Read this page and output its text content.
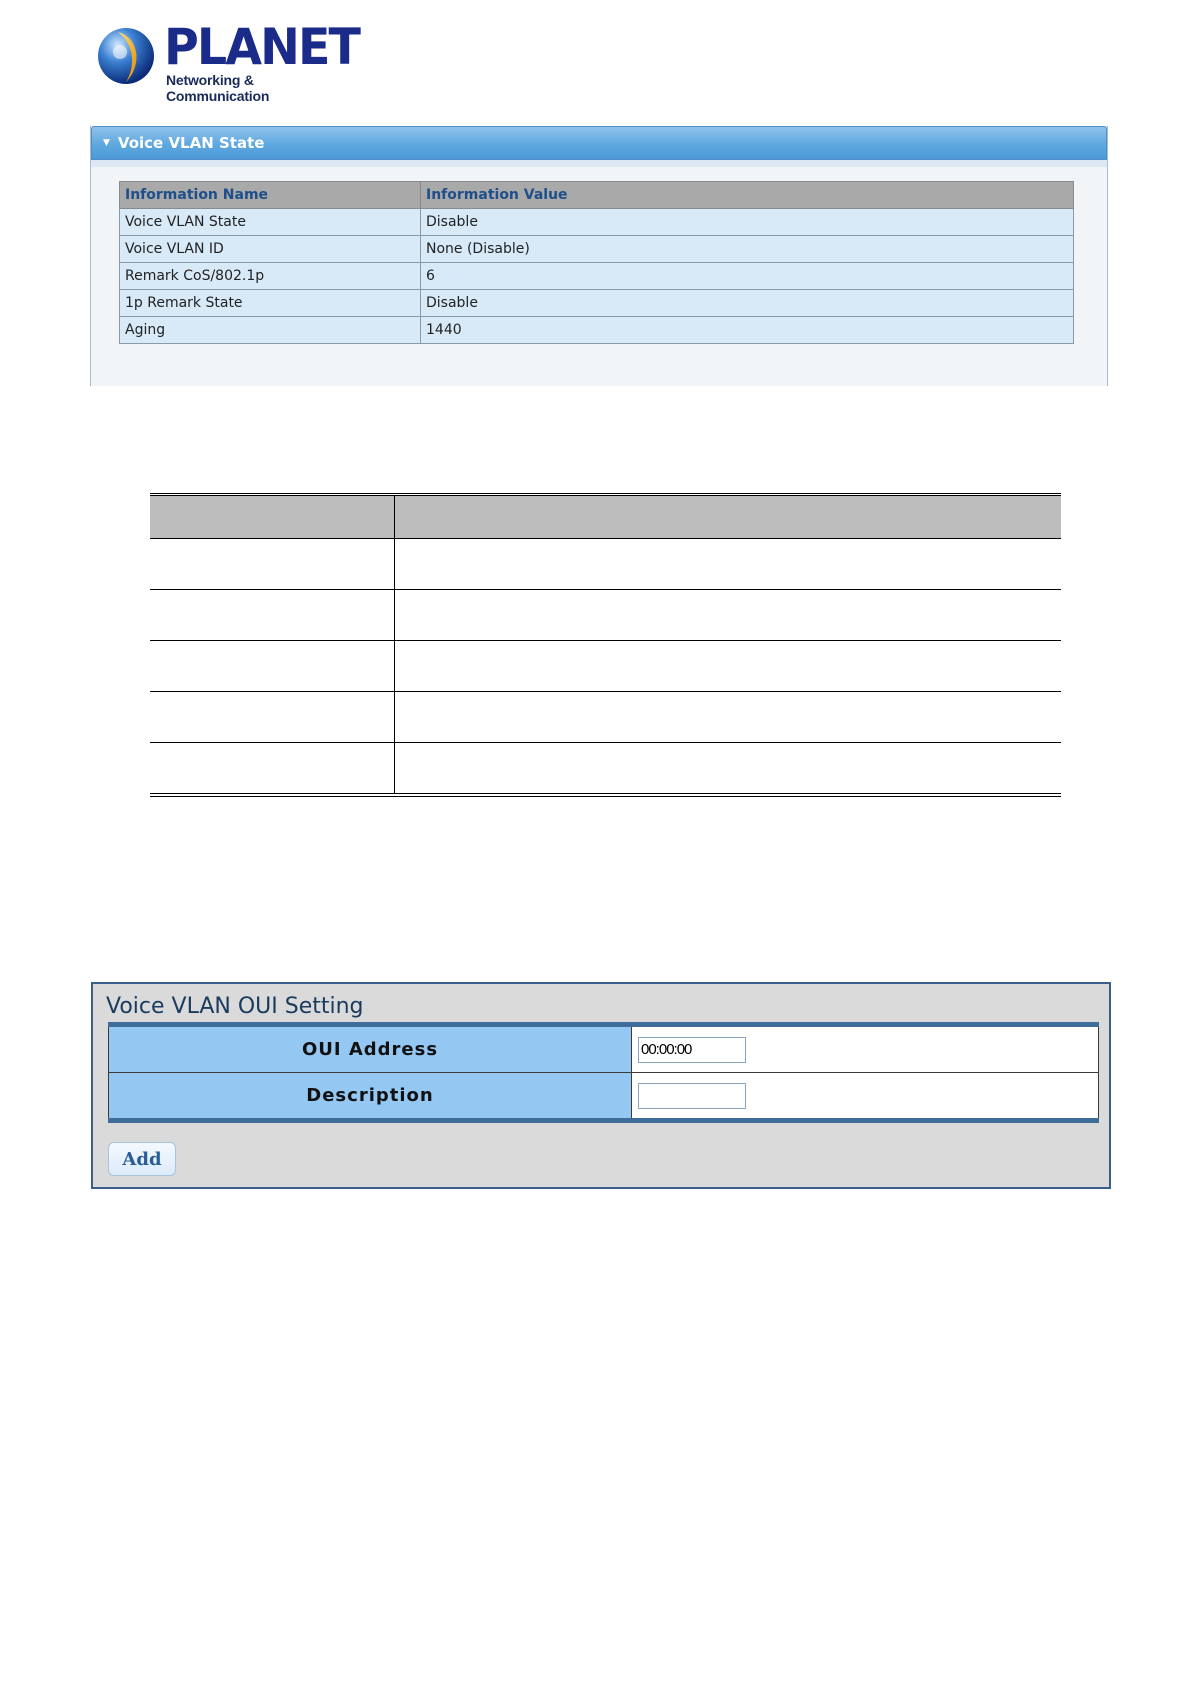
PLANET
Networking & Communication
▼ Voice VLAN State
Information Name	Information Value
Voice VLAN State	Disable
Voice VLAN ID	None (Disable)
Remark CoS/802.1p	6
1p Remark State	Disable
Aging	1440

Voice VLAN OUI Setting
OUI Address	00:00:00
Description	
Add
